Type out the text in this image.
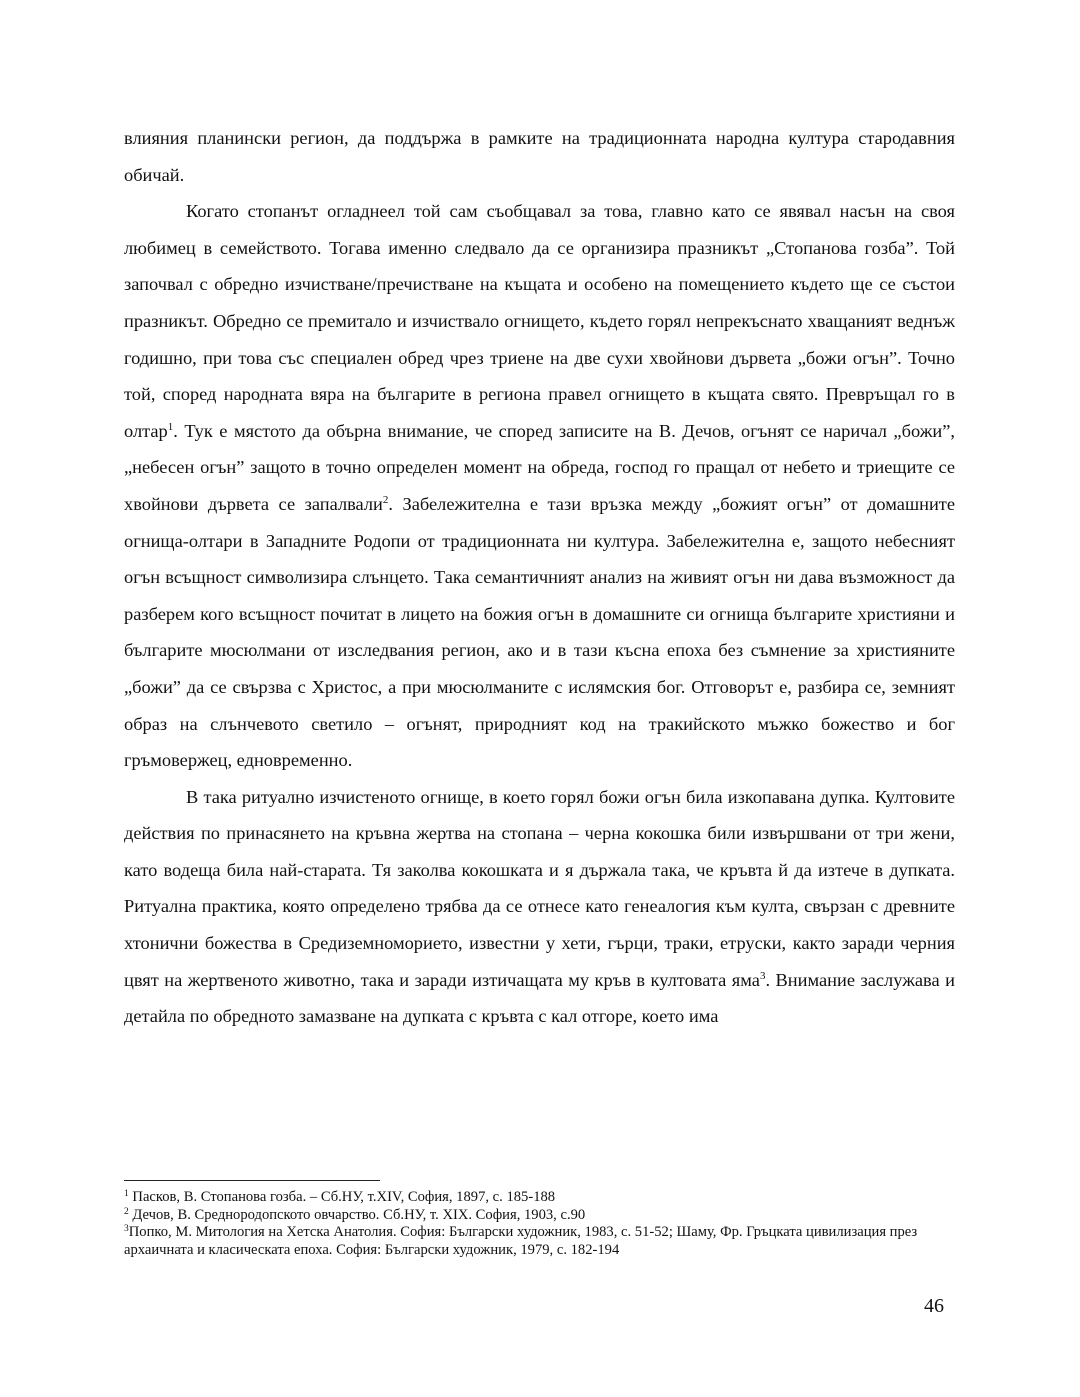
влияния планински регион, да поддържа в рамките на традиционната народна култура стародавния обичай.

Когато стопанът огладнеел той сам съобщавал за това, главно като се явявал насън на своя любимец в семейството. Тогава именно следвало да се организира празникът „Стопанова гозба”. Той започвал с обредно изчистване/пречистване на къщата и особено на помещението където ще се състои празникът. Обредно се премитало и изчиствало огнището, където горял непрекъснато хващаният веднъж годишно, при това със специален обред чрез триене на две сухи хвойнови дървета „божи огън”. Точно той, според народната вяра на българите в региона правел огнището в къщата свято. Превръщал го в олтар$^1$. Тук е мястото да обърна внимание, че според записите на В. Дечов, огънят се наричал „божи”, „небесен огън” защото в точно определен момент на обреда, господ го пращал от небето и триещите се хвойнови дървета се запалвали$^2$. Забележителна е тази връзка между „божият огън” от домашните огнища-олтари в Западните Родопи от традиционната ни култура. Забележителна е, защото небесният огън всъщност символизира слънцето. Така семантичният анализ на живият огън ни дава възможност да разберем кого всъщност почитат в лицето на божия огън в домашните си огнища българите християни и българите мюсюлмани от изследвания регион, ако и в тази късна епоха без съмнение за християните „божи” да се свързва с Христос, а при мюсюлманите с ислямския бог. Отговорът е, разбира се, земният образ на слънчевото светило – огънят, природният код на тракийското мъжко божество и бог гръмовержец, едновременно.

В така ритуално изчистеното огнище, в което горял божи огън била изкопавана дупка. Култовите действия по принасянето на кръвна жертва на стопана – черна кокошка били извършвани от три жени, като водеща била най-старата. Тя заколва кокошката и я държала така, че кръвта й да изтече в дупката. Ритуална практика, която определено трябва да се отнесе като генеалогия към култа, свързан с древните хтонични божества в Средиземноморието, известни у хети, гърци, траки, етруски, както заради черния цвят на жертвеното животно, така и заради изтичащата му кръв в култовата яма$^3$. Внимание заслужава и детайла по обредното замазване на дупката с кръвта с кал отгоре, което има

$^1$ Пасков, В. Стопанова гозба. – Сб.НУ, т.XIV, София, 1897, с. 185-188
$^2$ Дечов, В. Среднородопското овчарство. Сб.НУ, т. XIX. София, 1903, с.90
$^3$Попко, М. Митология на Хетска Анатолия. София: Български художник, 1983, с. 51-52; Шаму, Фр. Гръцката цивилизация през архаичната и класическата епоха. София: Български художник, 1979, с. 182-194
46
